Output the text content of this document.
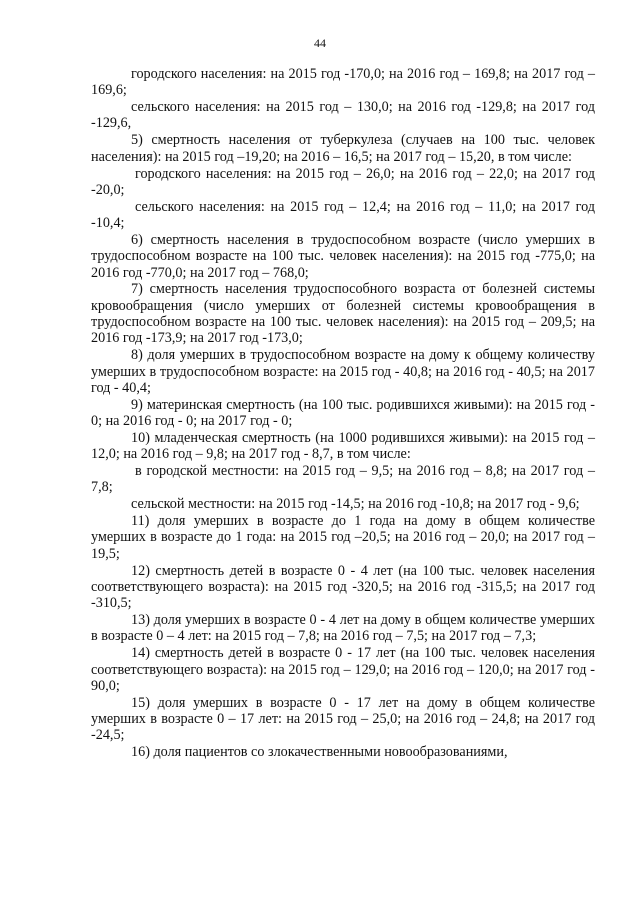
44

городского населения: на 2015 год -170,0; на 2016 год – 169,8; на 2017 год – 169,6;

сельского населения: на 2015 год – 130,0; на 2016 год -129,8; на 2017 год -129,6,

5) смертность населения от туберкулеза (случаев на 100 тыс. человек населения): на 2015 год –19,20; на 2016 – 16,5; на 2017 год – 15,20, в том числе:

городского населения: на 2015 год – 26,0; на 2016 год – 22,0; на 2017 год -20,0;

сельского населения: на 2015 год – 12,4; на 2016 год – 11,0; на 2017 год -10,4;

6) смертность населения в трудоспособном возрасте (число умерших в трудоспособном возрасте на 100 тыс. человек населения): на 2015 год -775,0; на 2016 год -770,0; на 2017 год – 768,0;

7) смертность населения трудоспособного возраста от болезней системы кровообращения (число умерших от болезней системы кровообращения в трудоспособном возрасте на 100 тыс. человек населения): на 2015 год – 209,5; на 2016 год -173,9; на 2017 год -173,0;

8) доля умерших в трудоспособном возрасте на дому к общему количеству умерших в трудоспособном возрасте: на 2015 год - 40,8; на 2016 год - 40,5; на 2017 год - 40,4;

9) материнская смертность (на 100 тыс. родившихся живыми): на 2015 год - 0; на 2016 год - 0; на 2017 год - 0;

10) младенческая смертность (на 1000 родившихся живыми): на 2015 год – 12,0; на 2016 год – 9,8; на 2017 год - 8,7, в том числе:

в городской местности: на 2015 год – 9,5; на 2016 год – 8,8; на 2017 год – 7,8;

сельской местности: на 2015 год -14,5; на 2016 год -10,8; на 2017 год - 9,6;

11) доля умерших в возрасте до 1 года на дому в общем количестве умерших в возрасте до 1 года: на 2015 год –20,5; на 2016 год – 20,0; на 2017 год – 19,5;

12) смертность детей в возрасте 0 - 4 лет (на 100 тыс. человек населения соответствующего возраста): на 2015 год -320,5; на 2016 год -315,5; на 2017 год -310,5;

13) доля умерших в возрасте 0 - 4 лет на дому в общем количестве умерших в возрасте 0 – 4 лет: на 2015 год – 7,8; на 2016 год – 7,5; на 2017 год – 7,3;

14) смертность детей в возрасте 0 - 17 лет (на 100 тыс. человек населения соответствующего возраста): на 2015 год – 129,0; на 2016 год – 120,0; на 2017 год - 90,0;

15) доля умерших в возрасте 0 - 17 лет на дому в общем количестве умерших в возрасте 0 – 17 лет: на 2015 год – 25,0; на 2016 год – 24,8; на 2017 год -24,5;

16) доля пациентов со злокачественными новообразованиями,
